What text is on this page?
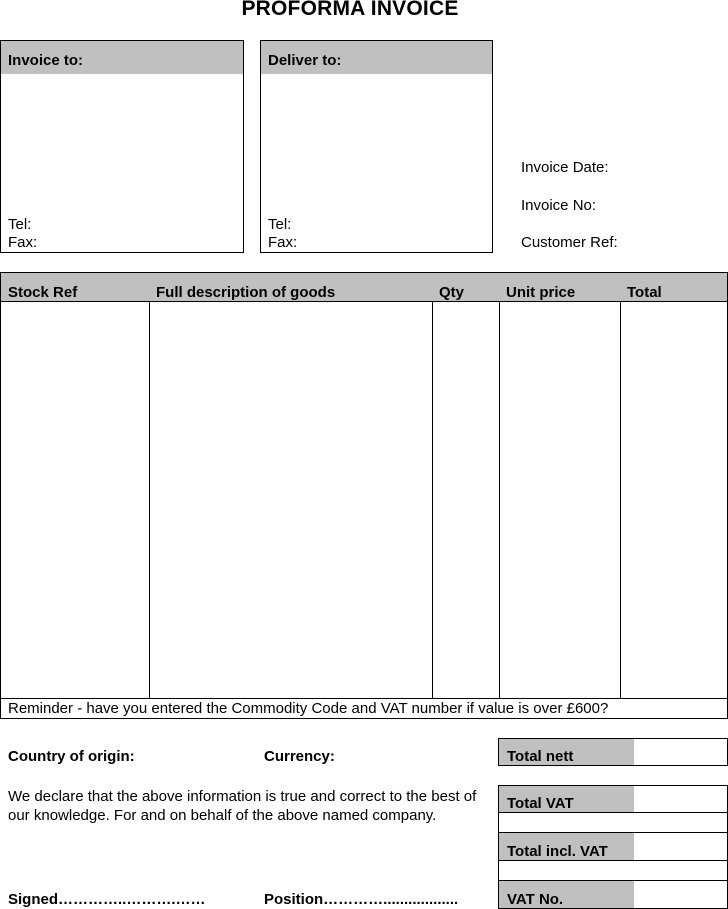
PROFORMA INVOICE
Invoice to:
Tel:
Fax:
Deliver to:
Tel:
Fax:
Invoice Date:
Invoice No:
Customer Ref:
Stock Ref	Full description of goods	Qty	Unit price	Total
Reminder - have you entered the Commodity Code and VAT number if value is over £600?
Country of origin:	Currency:
We declare that the above information is true and correct to the best of our knowledge. For and on behalf of the above named company.
Signed…………..……….……	Position…………..................
Total nett
Total VAT
Total incl. VAT
VAT No.
